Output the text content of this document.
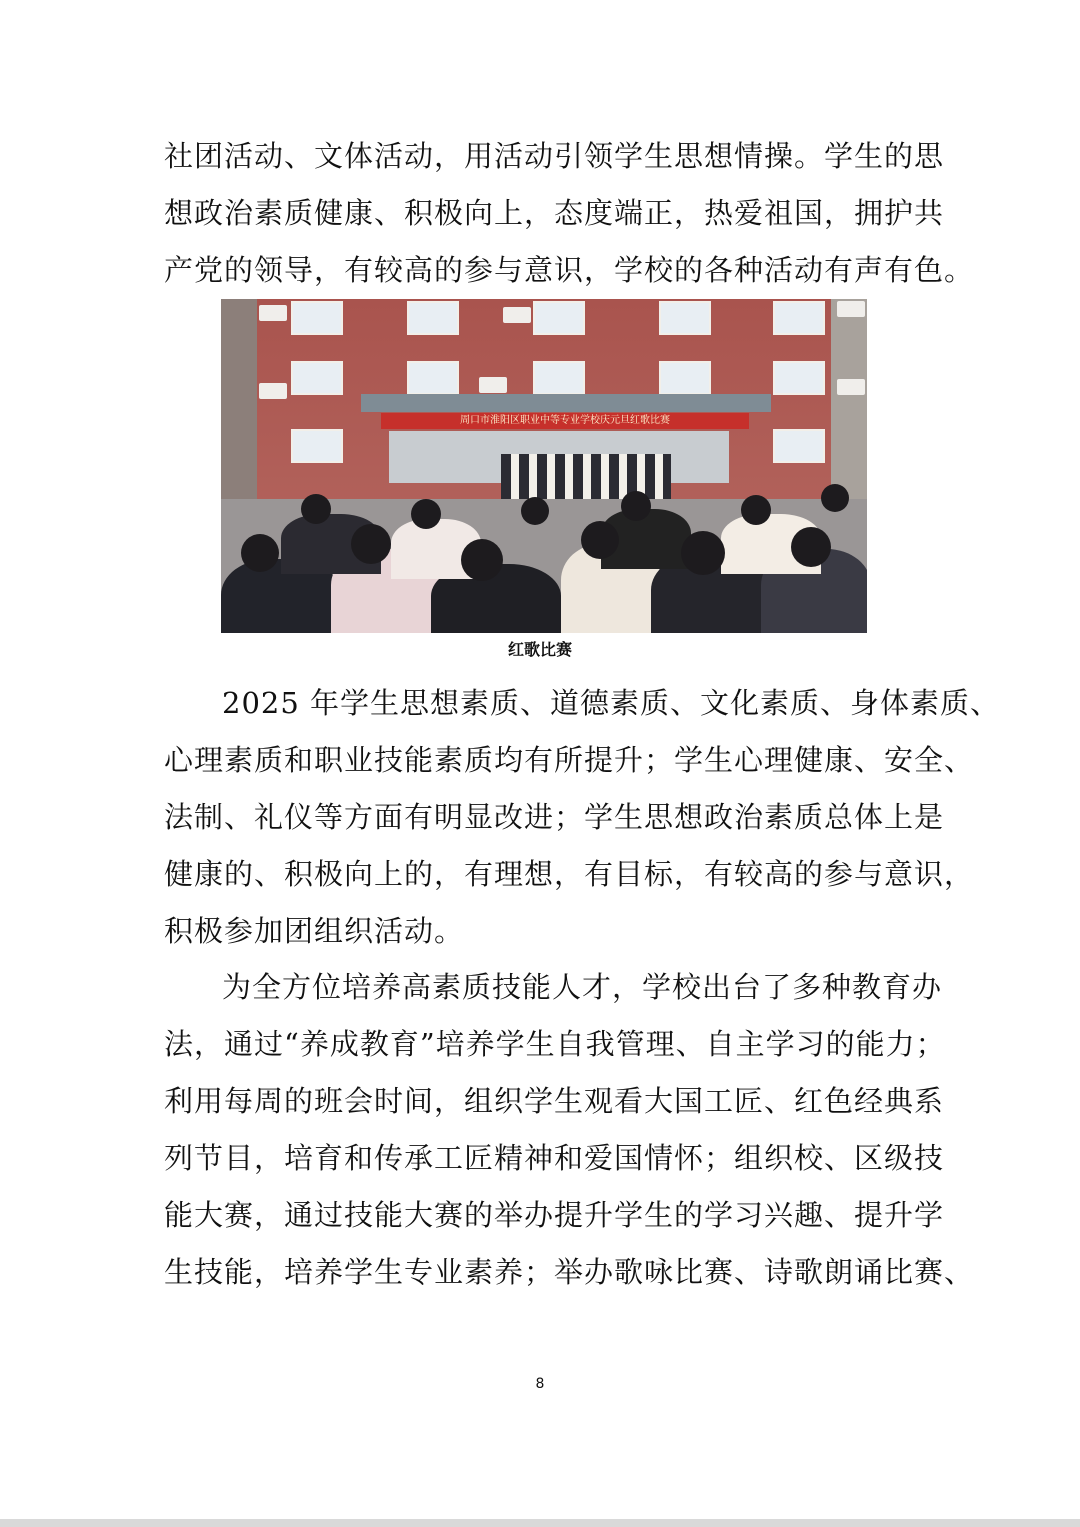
社团活动、文体活动，用活动引领学生思想情操。学生的思
想政治素质健康、积极向上，态度端正，热爱祖国，拥护共
产党的领导，有较高的参与意识，学校的各种活动有声有色。
周口市淮阳区职业中等专业学校庆元旦红歌比赛
红歌比赛
2025 年学生思想素质、道德素质、文化素质、身体素质、
心理素质和职业技能素质均有所提升；学生心理健康、安全、
法制、礼仪等方面有明显改进；学生思想政治素质总体上是
健康的、积极向上的，有理想，有目标，有较高的参与意识，
积极参加团组织活动。
为全方位培养高素质技能人才，学校出台了多种教育办
法，通过“养成教育”培养学生自我管理、自主学习的能力；
利用每周的班会时间，组织学生观看大国工匠、红色经典系
列节目，培育和传承工匠精神和爱国情怀；组织校、区级技
能大赛，通过技能大赛的举办提升学生的学习兴趣、提升学
生技能，培养学生专业素养；举办歌咏比赛、诗歌朗诵比赛、
8
